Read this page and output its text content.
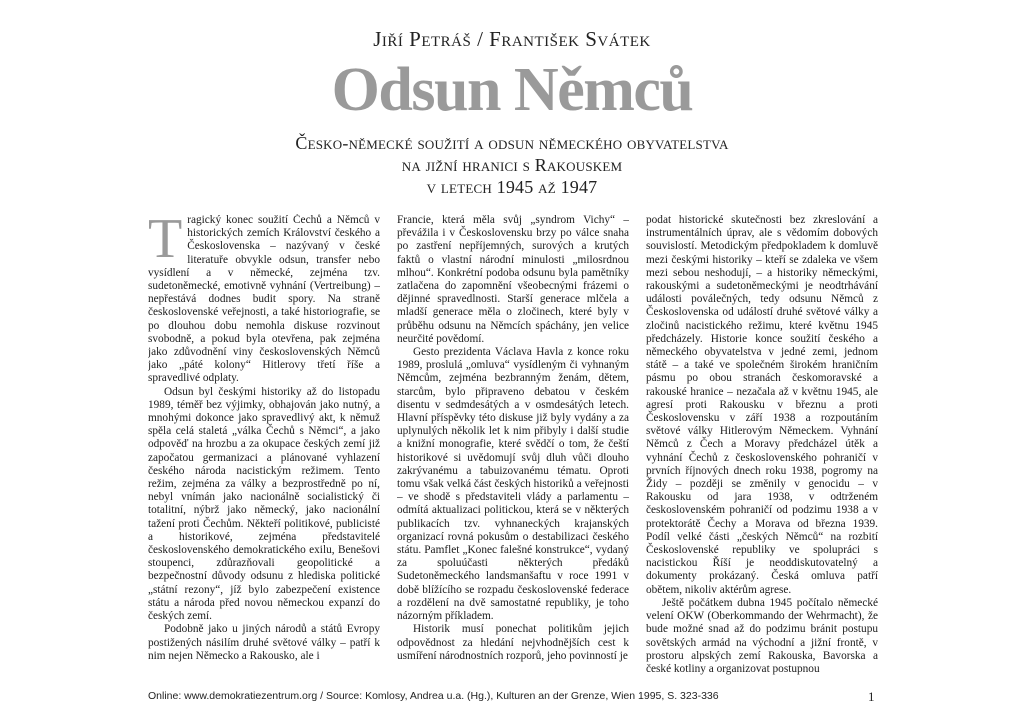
Jiří Petráš / František Svátek
Odsun Němců
Česko-německé soužití a odsun německého obyvatelstva
na jižní hranici s Rakouskem
v letech 1945 až 1947

Tragický konec soužití Čechů a Němců v historických zemích Království českého a Československa – nazývaný v české literatuře obvykle odsun, transfer nebo vysídlení a v německé, zejména tzv. sudetoněmecké, emotivně vyhnání (Vertreibung) – nepřestává dodnes budit spory. Na straně československé veřejnosti, a také historiografie, se po dlouhou dobu nemohla diskuse rozvinout svobodně, a pokud byla otevřena, pak zejména jako zdůvodnění viny československých Němců jako „páté kolony“ Hitlerovy třetí říše a spravedlivé odplaty.

Odsun byl českými historiky až do listopadu 1989, téměř bez výjimky, obhajován jako nutný, a mnohými dokonce jako spravedlivý akt, k němuž spěla celá staletá „válka Čechů s Němci“, a jako odpověď na hrozbu a za okupace českých zemí již započatou germanizaci a plánované vyhlazení českého národa nacistickým režimem. Tento režim, zejména za války a bezprostředně po ní, nebyl vnímán jako nacionálně socialistický či totalitní, nýbrž jako německý, jako nacionální tažení proti Čechům. Někteří politikové, publicisté a historikové, zejména představitelé československého demokratického exilu, Benešovi stoupenci, zdůrazňovali geopolitické a bezpečnostní důvody odsunu z hlediska politické „státní rezony“, jíž bylo zabezpečení existence státu a národa před novou německou expanzí do českých zemí.

Podobně jako u jiných národů a států Evropy postižených násilím druhé světové války – patří k nim nejen Německo a Rakousko, ale i

Francie, která měla svůj „syndrom Vichy“ – převážila i v Československu brzy po válce snaha po zastření nepříjemných, surových a krutých faktů o vlastní národní minulosti „milosrdnou mlhou“. Konkrétní podoba odsunu byla pamětníky zatlačena do zapomnění všeobecnými frázemi o dějinné spravedlnosti. Starší generace mlčela a mladší generace měla o zločinech, které byly v průběhu odsunu na Němcích spáchány, jen velice neurčité povědomí.

Gesto prezidenta Václava Havla z konce roku 1989, proslulá „omluva“ vysídleným či vyhnaným Němcům, zejména bezbranným ženám, dětem, starcům, bylo připraveno debatou v českém disentu v sedmdesátých a v osmdesátých letech. Hlavní příspěvky této diskuse již byly vydány a za uplynulých několik let k nim přibyly i další studie a knižní monografie, které svědčí o tom, že čeští historikové si uvědomují svůj dluh vůči dlouho zakrývanému a tabuizovanému tématu. Oproti tomu však velká část českých historiků a veřejnosti – ve shodě s představiteli vlády a parlamentu – odmítá aktualizaci politickou, která se v některých publikacích tzv. vyhnaneckých krajanských organizací rovná pokusům o destabilizaci českého státu. Pamflet „Konec falešné konstrukce“, vydaný za spoluúčasti některých předáků Sudetoněmeckého landsmanšaftu v roce 1991 v době blížícího se rozpadu československé federace a rozdělení na dvě samostatné republiky, je toho názorným příkladem.

Historik musí ponechat politikům jejich odpovědnost za hledání nejvhodnějších cest k usmíření národnostních rozporů, jeho povinností je

podat historické skutečnosti bez zkreslování a instrumentálních úprav, ale s vědomím dobových souvislostí. Metodickým předpokladem k domluvě mezi českými historiky – kteří se zdaleka ve všem mezi sebou neshodují, – a historiky německými, rakouskými a sudetoněmeckými je neodtrhávání události poválečných, tedy odsunu Němců z Československa od událostí druhé světové války a zločinů nacistického režimu, které květnu 1945 předcházely. Historie konce soužití českého a německého obyvatelstva v jedné zemi, jednom státě – a také ve společném širokém hraničním pásmu po obou stranách českomoravské a rakouské hranice – nezačala až v květnu 1945, ale agresí proti Rakousku v březnu a proti Československu v září 1938 a rozpoutáním světové války Hitlerovým Německem. Vyhnání Němců z Čech a Moravy předcházel útěk a vyhnání Čechů z československého pohraničí v prvních říjnových dnech roku 1938, pogromy na Židy – později se změnily v genocidu – v Rakousku od jara 1938, v odtrženém československém pohraničí od podzimu 1938 a v protektorátě Čechy a Morava od března 1939. Podíl velké části „českých Němců“ na rozbití Československé republiky ve spolupráci s nacistickou Říší je neoddiskutovatelný a dokumenty prokázaný. Česká omluva patří obětem, nikoliv aktérům agrese.

Ještě počátkem dubna 1945 počítalo německé velení OKW (Oberkommando der Wehrmacht), že bude možné snad až do podzimu bránit postupu sovětských armád na východní a jižní frontě, v prostoru alpských zemí Rakouska, Bavorska a české kotliny a organizovat postupnou

Online: www.demokratiezentrum.org / Source: Komlosy, Andrea u.a. (Hg.), Kulturen an der Grenze, Wien 1995, S. 323-336	1
